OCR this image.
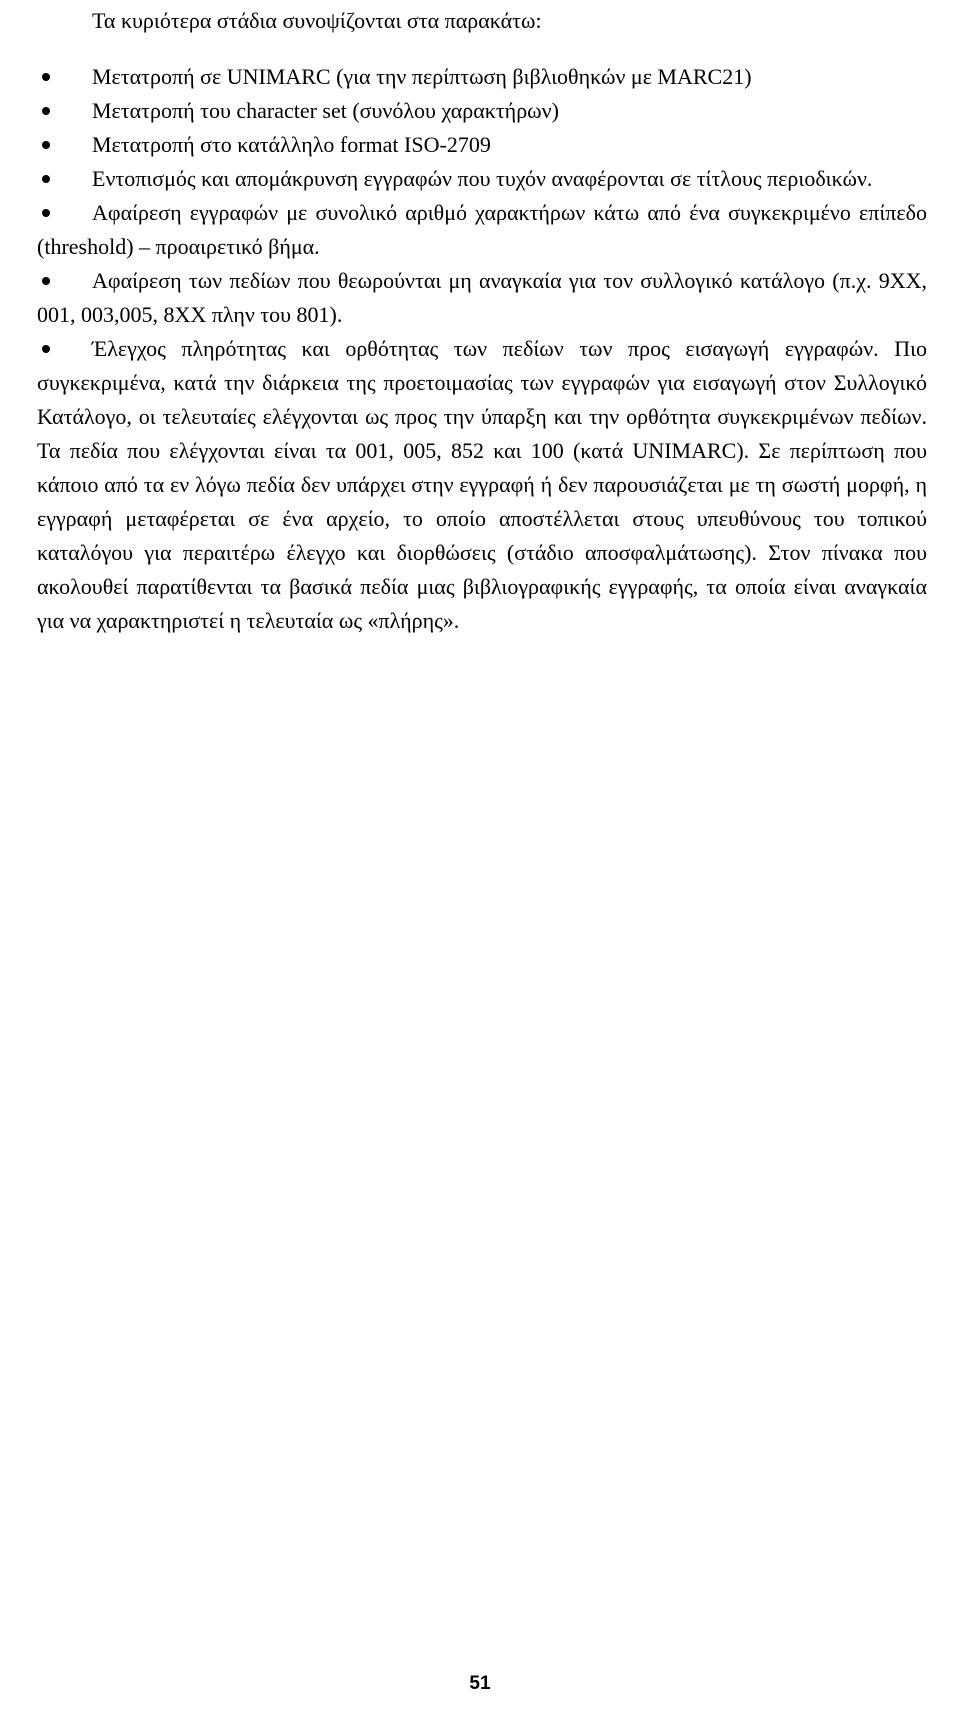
Τα κυριότερα στάδια συνοψίζονται στα παρακάτω:
Μετατροπή σε UNIMARC (για την περίπτωση βιβλιοθηκών με MARC21)
Μετατροπή του character set (συνόλου χαρακτήρων)
Μετατροπή στο κατάλληλο format ISO-2709
Εντοπισμός και απομάκρυνση εγγραφών που τυχόν αναφέρονται σε τίτλους περιοδικών.
Αφαίρεση εγγραφών με συνολικό αριθμό χαρακτήρων κάτω από ένα συγκεκριμένο επίπεδο (threshold) – προαιρετικό βήμα.
Αφαίρεση των πεδίων που θεωρούνται μη αναγκαία για τον συλλογικό κατάλογο (π.χ. 9XX, 001, 003,005, 8XX πλην του 801).
Έλεγχος πληρότητας και ορθότητας των πεδίων των προς εισαγωγή εγγραφών. Πιο συγκεκριμένα, κατά την διάρκεια της προετοιμασίας των εγγραφών για εισαγωγή στον Συλλογικό Κατάλογο, οι τελευταίες ελέγχονται ως προς την ύπαρξη και την ορθότητα συγκεκριμένων πεδίων. Τα πεδία που ελέγχονται είναι τα 001, 005, 852 και 100 (κατά UNIMARC). Σε περίπτωση που κάποιο από τα εν λόγω πεδία δεν υπάρχει στην εγγραφή ή δεν παρουσιάζεται με τη σωστή μορφή, η εγγραφή μεταφέρεται σε ένα αρχείο, το οποίο αποστέλλεται στους υπευθύνους του τοπικού καταλόγου για περαιτέρω έλεγχο και διορθώσεις (στάδιο αποσφαλμάτωσης). Στον πίνακα που ακολουθεί παρατίθενται τα βασικά πεδία μιας βιβλιογραφικής εγγραφής, τα οποία είναι αναγκαία για να χαρακτηριστεί η τελευταία ως «πλήρης».
51
